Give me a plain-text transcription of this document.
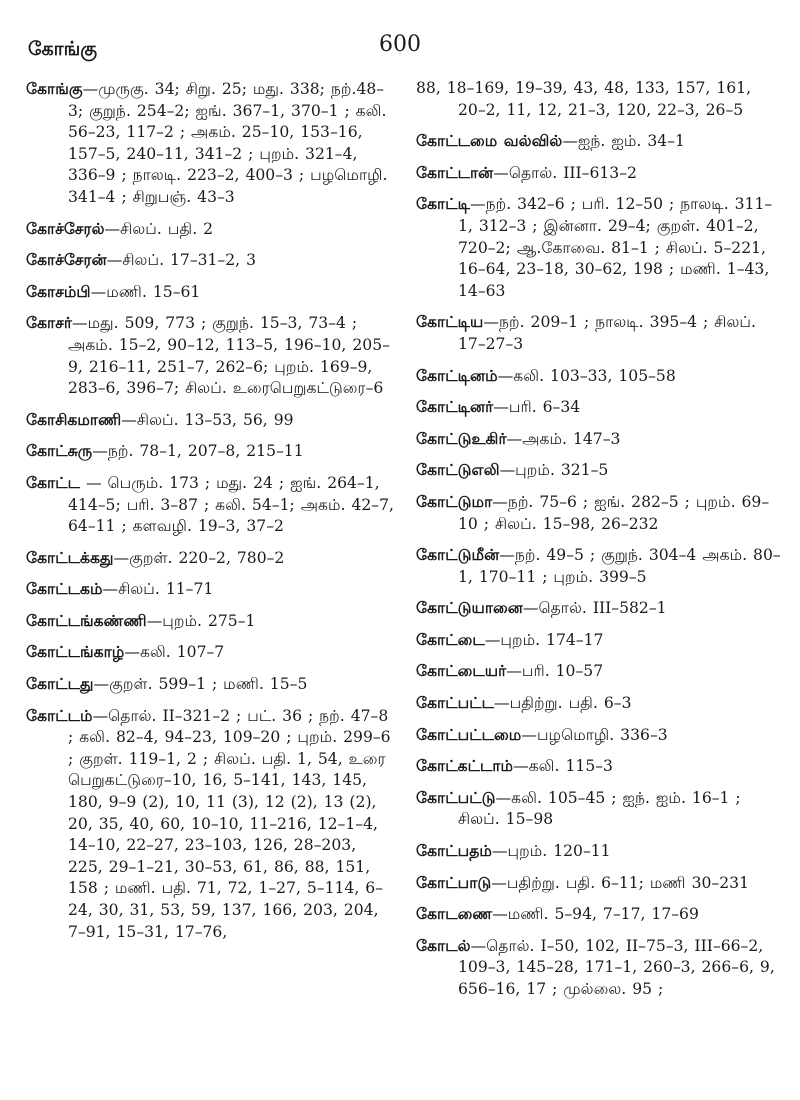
கோங்கு	600
கோங்கு—முருகு. 34; சிறு. 25; மது. 338; நற்.48–3; குறுந். 254–2; ஐங். 367–1, 370–1 ; கலி. 56–23, 117–2 ; அகம். 25–10, 153–16, 157–5, 240–11, 341–2 ; புறம். 321–4, 336–9 ; நாலடி. 223–2, 400–3 ; பழமொழி. 341–4 ; சிறுபஞ். 43–3
கோச்சேரல்—சிலப். பதி. 2
கோச்சேரன்—சிலப். 17–31–2, 3
கோசம்பி—மணி. 15–61
கோசர்—மது. 509, 773 ; குறுந். 15–3, 73–4 ; அகம். 15–2, 90–12, 113–5, 196–10, 205–9, 216–11, 251–7, 262–6; புறம். 169–9, 283–6, 396–7; சிலப். உரைபெறுகட்டுரை–6
கோசிகமாணி—சிலப். 13–53, 56, 99
கோட்சுரு—நற். 78–1, 207–8, 215–11
கோட்ட — பெரும். 173 ; மது. 24 ; ஐங். 264–1, 414–5; பரி. 3–87 ; கலி. 54–1; அகம். 42–7, 64–11 ; களவழி. 19–3, 37–2
கோட்டக்கது—குறள். 220–2, 780–2
கோட்டகம்—சிலப். 11–71
கோட்டங்கண்ணி—புறம். 275–1
கோட்டங்காழ்—கலி. 107–7
கோட்டது—குறள். 599–1 ; மணி. 15–5
கோட்டம்—தொல். II–321–2 ; பட். 36 ; நற். 47–8 ; கலி. 82–4, 94–23, 109–20 ; புறம். 299–6 ; குறள். 119–1, 2 ; சிலப். பதி. 1, 54, உரை பெறுகட்டுரை–10, 16, 5–141, 143, 145, 180, 9–9 (2), 10, 11 (3), 12 (2), 13 (2), 20, 35, 40, 60, 10–10, 11–216, 12–1–4, 14–10, 22–27, 23–103, 126, 28–203, 225, 29–1–21, 30–53, 61, 86, 88, 151, 158 ; மணி. பதி. 71, 72, 1–27, 5–114, 6–24, 30, 31, 53, 59, 137, 166, 203, 204, 7–91, 15–31, 17–76,
88, 18–169, 19–39, 43, 48, 133, 157, 161, 20–2, 11, 12, 21–3, 120, 22–3, 26–5
கோட்டமை வல்வில்—ஐந். ஐம். 34–1
கோட்டான்—தொல். III–613–2
கோட்டி—நற். 342–6 ; பரி. 12–50 ; நாலடி. 311–1, 312–3 ; இன்னா. 29–4; குறள். 401–2, 720–2; ஆ.கோவை. 81–1 ; சிலப். 5–221, 16–64, 23–18, 30–62, 198 ; மணி. 1–43, 14–63
கோட்டிய—நற். 209–1 ; நாலடி. 395–4 ; சிலப். 17–27–3
கோட்டினம்—கலி. 103–33, 105–58
கோட்டினர்—பரி. 6–34
கோட்டுஉகிர்—அகம். 147–3
கோட்டுஎலி—புறம். 321–5
கோட்டுமா—நற். 75–6 ; ஐங். 282–5 ; புறம். 69–10 ; சிலப். 15–98, 26–232
கோட்டுமீன்—நற். 49–5 ; குறுந். 304–4 அகம். 80–1, 170–11 ; புறம். 399–5
கோட்டுயானை—தொல். III–582–1
கோட்டை—புறம். 174–17
கோட்டையர்—பரி. 10–57
கோட்பட்ட—பதிற்று. பதி. 6–3
கோட்பட்டமை—பழமொழி. 336–3
கோட்கட்டாம்—கலி. 115–3
கோட்பட்டு—கலி. 105–45 ; ஐந். ஐம். 16–1 ; சிலப். 15–98
கோட்பதம்—புறம். 120–11
கோட்பாடு—பதிற்று. பதி. 6–11; மணி 30–231
கோடணை—மணி. 5–94, 7–17, 17–69
கோடல்—தொல். I–50, 102, II–75–3, III–66–2, 109–3, 145–28, 171–1, 260–3, 266–6, 9, 656–16, 17 ; முல்லை. 95 ;
